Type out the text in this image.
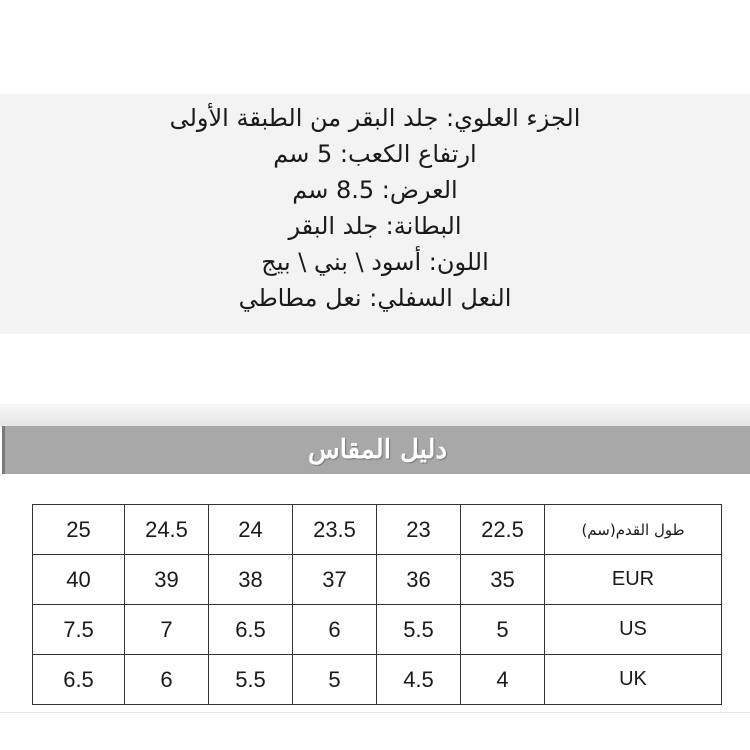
الجزء العلوي: جلد البقر من الطبقة الأولى
ارتفاع الكعب: 5 سم
العرض: 8.5 سم
البطانة: جلد البقر
اللون: أسود \ بني \ بيج
النعل السفلي: نعل مطاطي
دليل المقاس
25	24.5	24	23.5	23	22.5	طول القدم(سم)
40	39	38	37	36	35	EUR
7.5	7	6.5	6	5.5	5	US
6.5	6	5.5	5	4.5	4	UK
